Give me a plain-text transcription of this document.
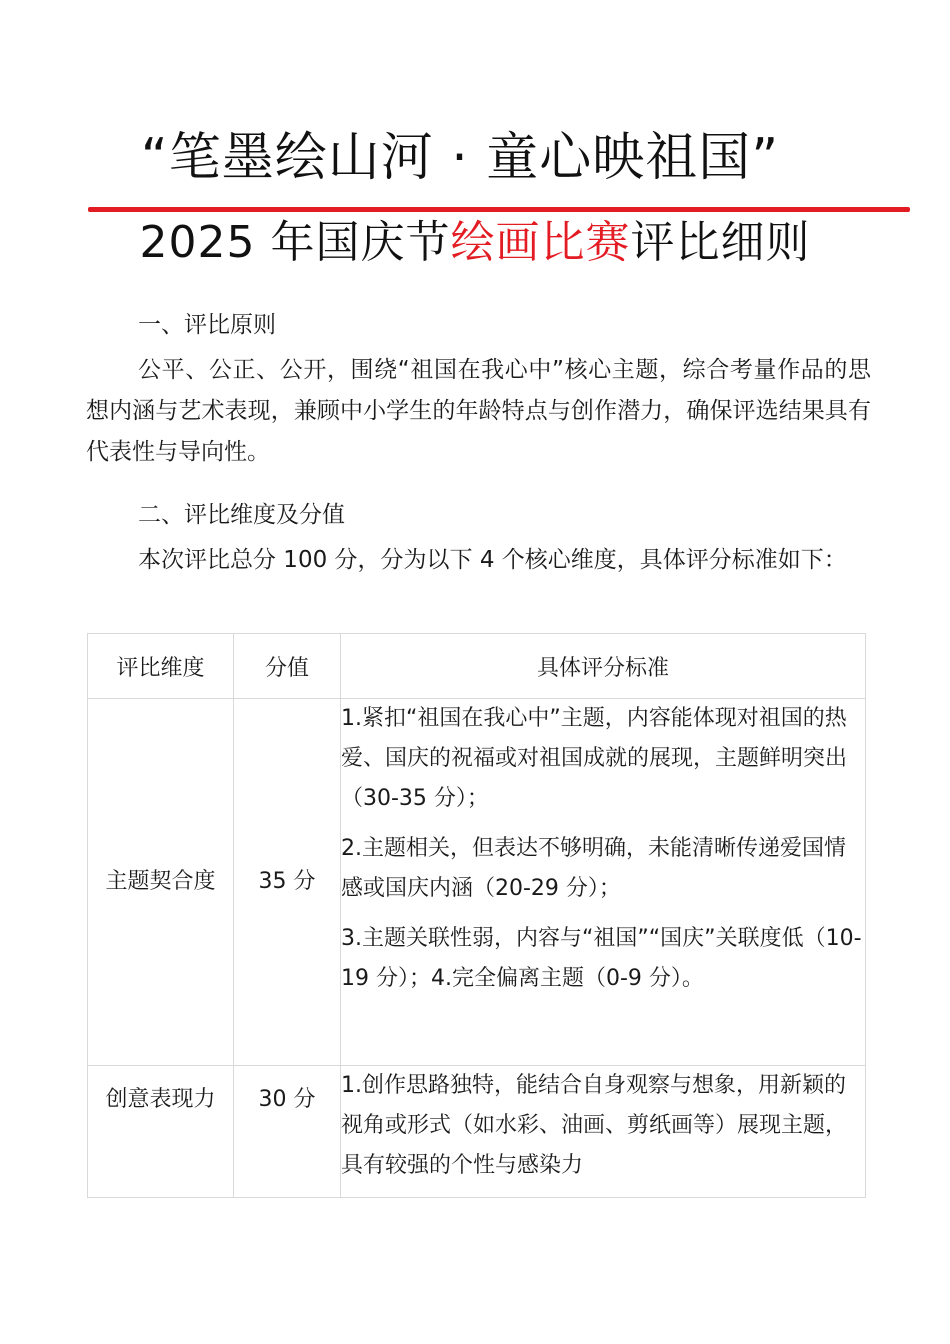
“笔墨绘山河 · 童心映祖国”
2025 年国庆节绘画比赛评比细则
一、评比原则
公平、公正、公开，围绕“祖国在我心中”核心主题，综合考量作品的思想内涵与艺术表现，兼顾中小学生的年龄特点与创作潜力，确保评选结果具有代表性与导向性。
二、评比维度及分值
本次评比总分 100 分，分为以下 4 个核心维度，具体评分标准如下：
评比维度	分值	具体评分标准
主题契合度	35 分	1.紧扣“祖国在我心中”主题，内容能体现对祖国的热爱、国庆的祝福或对祖国成就的展现，主题鲜明突出（30-35 分）；
2.主题相关，但表达不够明确，未能清晰传递爱国情感或国庆内涵（20-29 分）；
3.主题关联性弱，内容与“祖国”“国庆”关联度低（10-19 分）；4.完全偏离主题（0-9 分）。

创意表现力	30 分	1.创作思路独特，能结合自身观察与想象，用新颖的视角或形式（如水彩、油画、剪纸画等）展现主题，具有较强的个性与感染力
